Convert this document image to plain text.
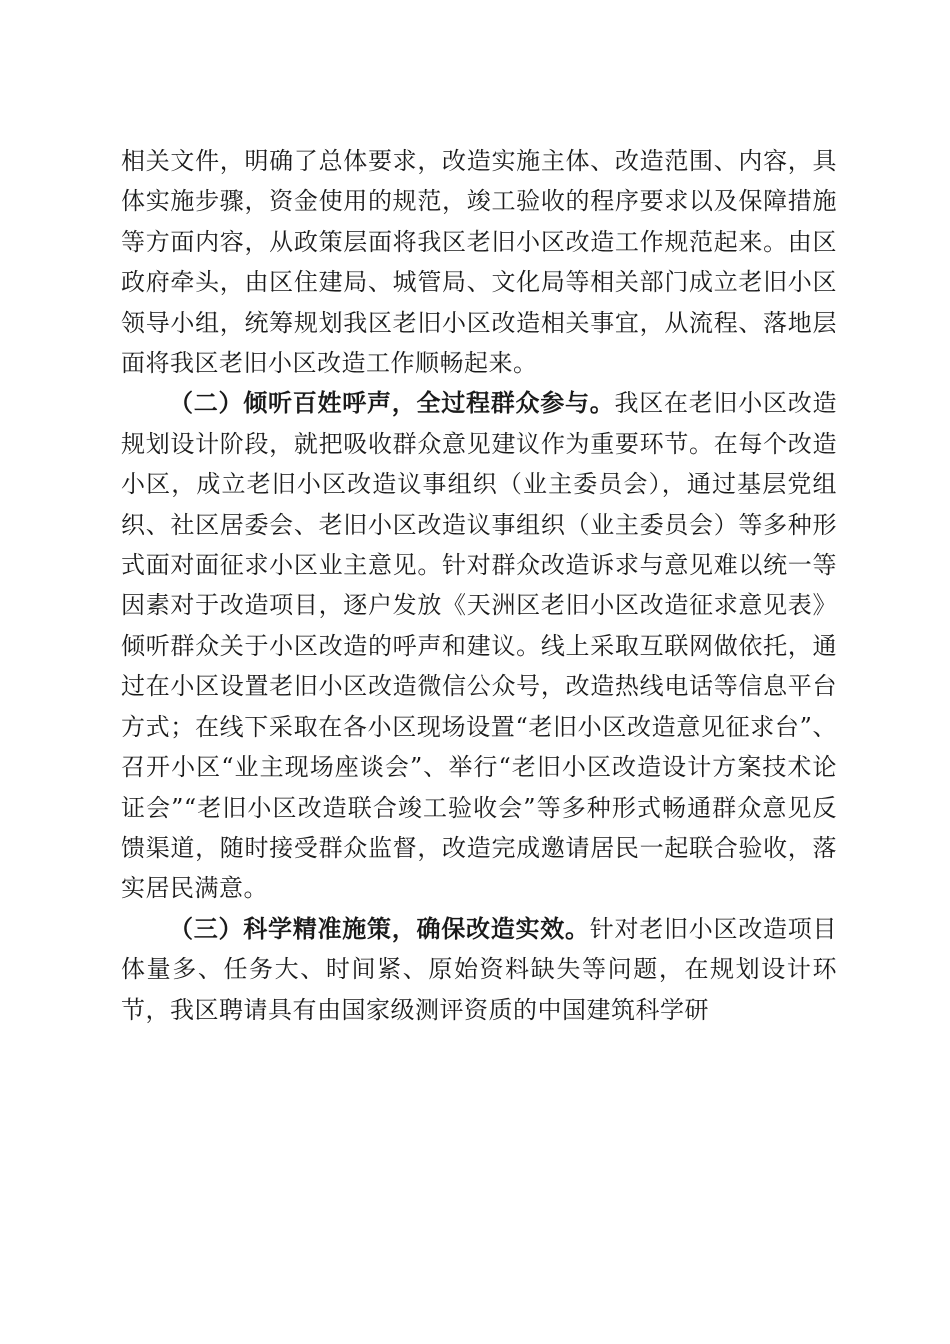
相关文件，明确了总体要求，改造实施主体、改造范围、内容，具体实施步骤，资金使用的规范，竣工验收的程序要求以及保障措施等方面内容，从政策层面将我区老旧小区改造工作规范起来。由区政府牵头，由区住建局、城管局、文化局等相关部门成立老旧小区领导小组，统筹规划我区老旧小区改造相关事宜，从流程、落地层面将我区老旧小区改造工作顺畅起来。

（二）倾听百姓呼声，全过程群众参与。我区在老旧小区改造规划设计阶段，就把吸收群众意见建议作为重要环节。在每个改造小区，成立老旧小区改造议事组织（业主委员会），通过基层党组织、社区居委会、老旧小区改造议事组织（业主委员会）等多种形式面对面征求小区业主意见。针对群众改造诉求与意见难以统一等因素对于改造项目，逐户发放《天洲区老旧小区改造征求意见表》倾听群众关于小区改造的呼声和建议。线上采取互联网做依托，通过在小区设置老旧小区改造微信公众号，改造热线电话等信息平台方式；在线下采取在各小区现场设置“老旧小区改造意见征求台”、召开小区“业主现场座谈会”、举行“老旧小区改造设计方案技术论证会”“老旧小区改造联合竣工验收会”等多种形式畅通群众意见反馈渠道，随时接受群众监督，改造完成邀请居民一起联合验收，落实居民满意。

（三）科学精准施策，确保改造实效。针对老旧小区改造项目体量多、任务大、时间紧、原始资料缺失等问题，在规划设计环节，我区聘请具有由国家级测评资质的中国建筑科学研
